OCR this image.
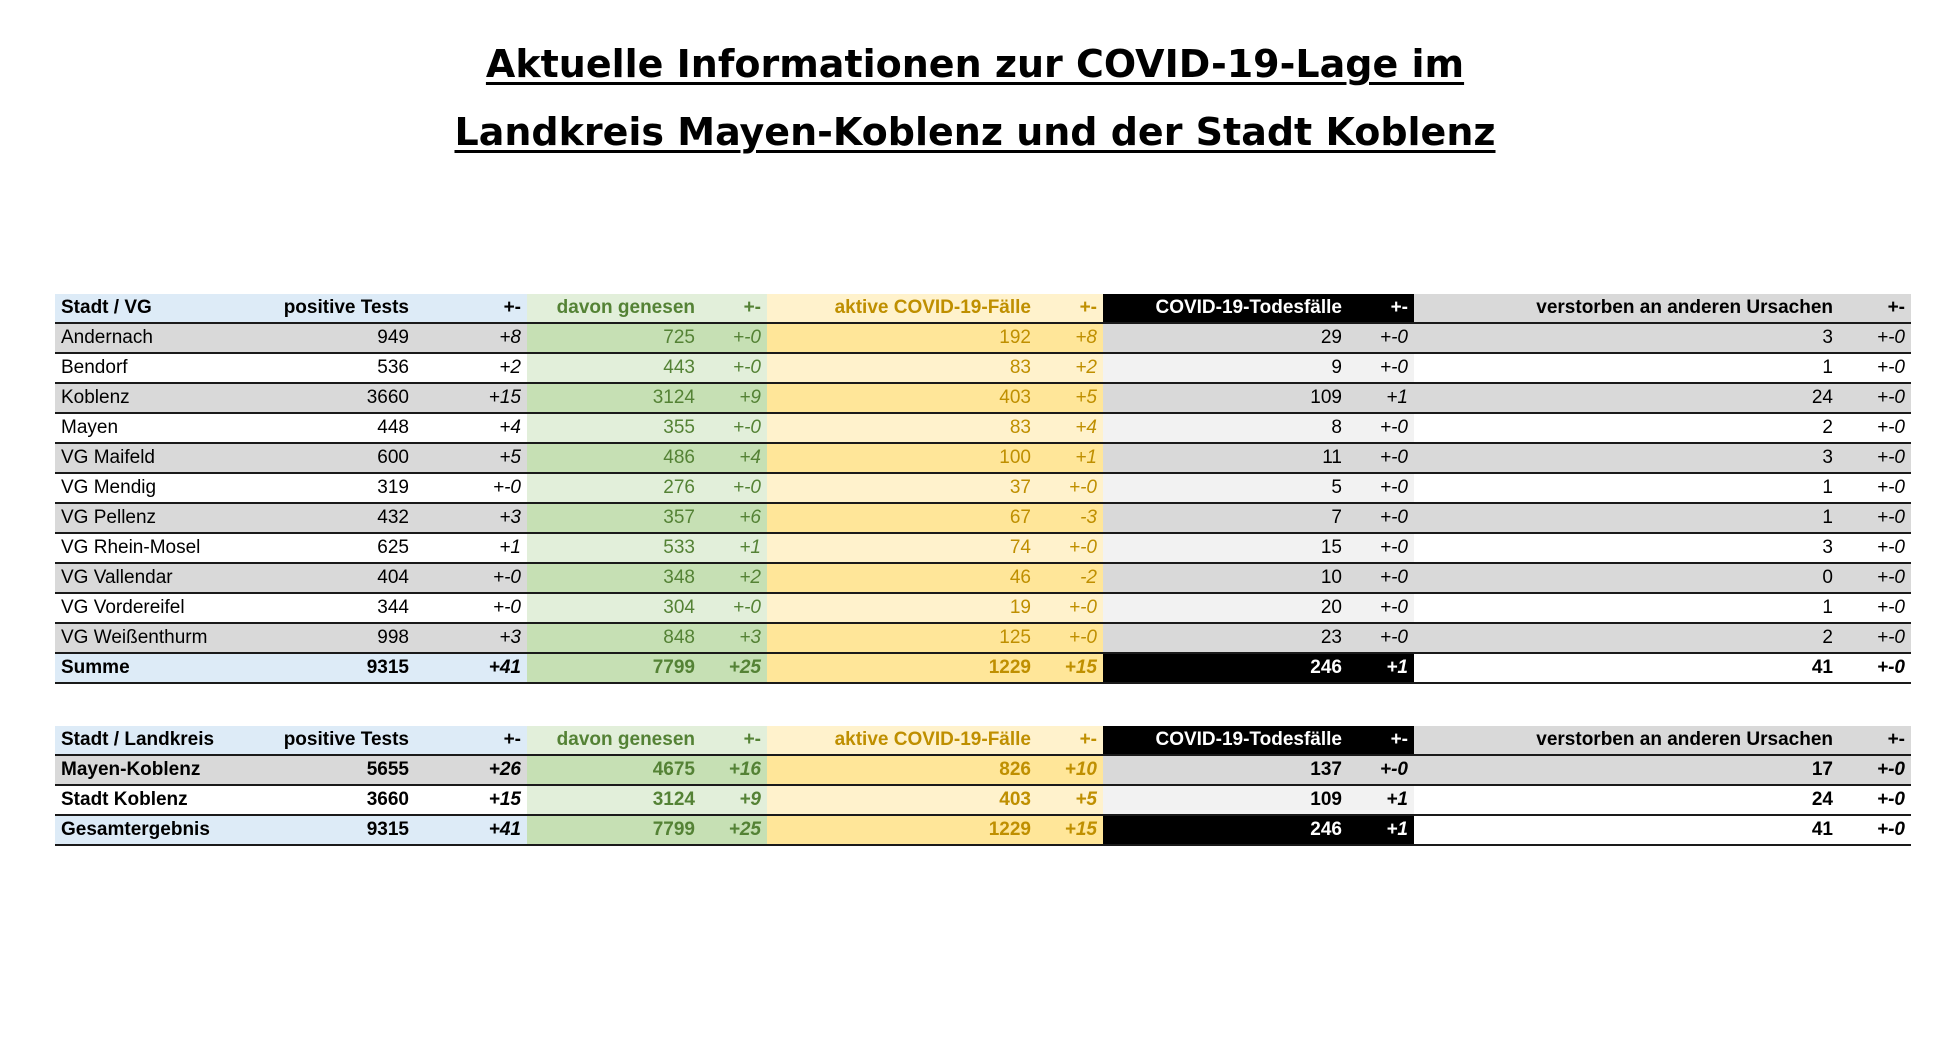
Aktuelle Informationen zur COVID-19-Lage im
Landkreis Mayen-Koblenz und der Stadt Koblenz
Stadt / VG	positive Tests	+-	davon genesen	+-	aktive COVID-19-Fälle	+-	COVID-19-Todesfälle	+-	verstorben an anderen Ursachen	+-
Andernach	949	+8	725	+-0	192	+8	29	+-0	3	+-0
Bendorf	536	+2	443	+-0	83	+2	9	+-0	1	+-0
Koblenz	3660	+15	3124	+9	403	+5	109	+1	24	+-0
Mayen	448	+4	355	+-0	83	+4	8	+-0	2	+-0
VG Maifeld	600	+5	486	+4	100	+1	11	+-0	3	+-0
VG Mendig	319	+-0	276	+-0	37	+-0	5	+-0	1	+-0
VG Pellenz	432	+3	357	+6	67	-3	7	+-0	1	+-0
VG Rhein-Mosel	625	+1	533	+1	74	+-0	15	+-0	3	+-0
VG Vallendar	404	+-0	348	+2	46	-2	10	+-0	0	+-0
VG Vordereifel	344	+-0	304	+-0	19	+-0	20	+-0	1	+-0
VG Weißenthurm	998	+3	848	+3	125	+-0	23	+-0	2	+-0
Summe	9315	+41	7799	+25	1229	+15	246	+1	41	+-0
Stadt / Landkreis	positive Tests	+-	davon genesen	+-	aktive COVID-19-Fälle	+-	COVID-19-Todesfälle	+-	verstorben an anderen Ursachen	+-
Mayen-Koblenz	5655	+26	4675	+16	826	+10	137	+-0	17	+-0
Stadt Koblenz	3660	+15	3124	+9	403	+5	109	+1	24	+-0
Gesamtergebnis	9315	+41	7799	+25	1229	+15	246	+1	41	+-0
